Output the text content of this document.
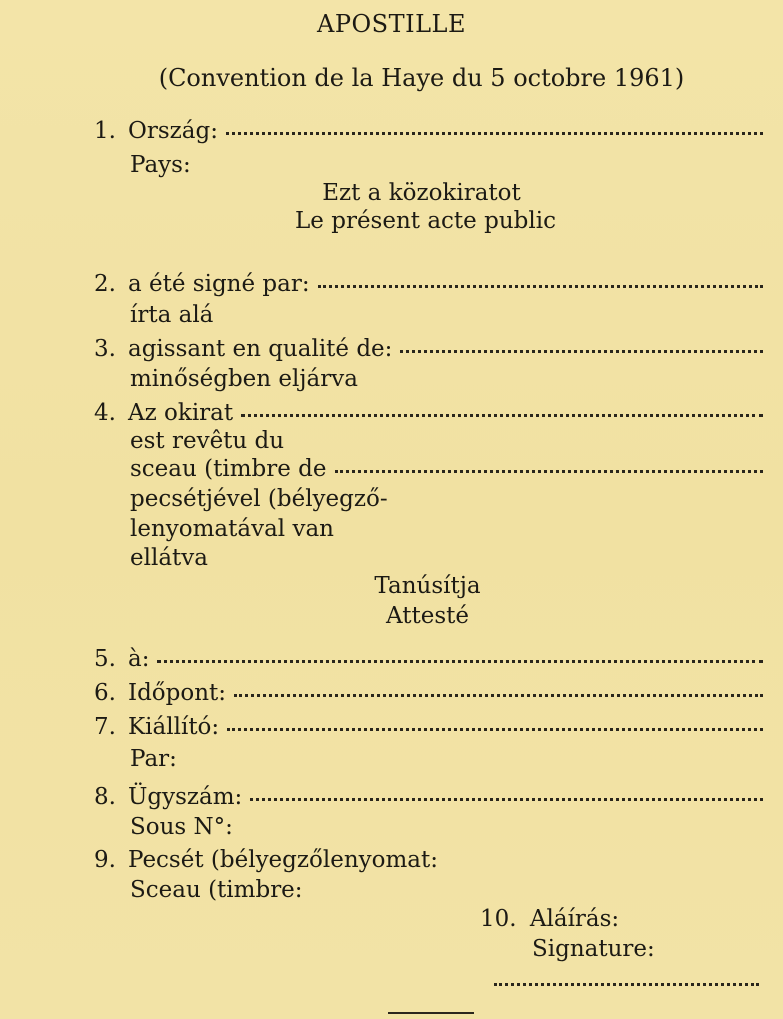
APOSTILLE
(Convention de la Haye du 5 octobre 1961)
1. Ország:
Pays:
Ezt a közokiratot
Le présent acte public
2. a été signé par:
írta alá
3. agissant en qualité de:
minőségben eljárva
4. Az okirat
est revêtu du
sceau (timbre de
pecsétjével (bélyegző-
lenyomatával van
ellátva
Tanúsítja
Attesté
5. à:
6. Időpont:
7. Kiállító:
Par:
8. Ügyszám:
Sous N°:
9. Pecsét (bélyegzőlenyomat:
Sceau (timbre:
10. Aláírás:
Signature:
